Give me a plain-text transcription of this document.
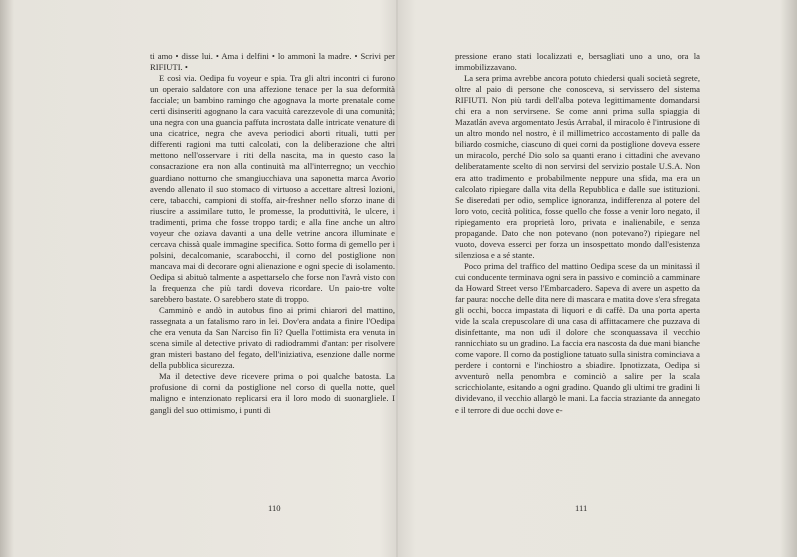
ti amo • disse lui. • Ama i delfini • lo ammonì la madre. • Scrivi per RIFIUTI. •

E così via. Oedipa fu voyeur e spia. Tra gli altri incontri ci furono un operaio saldatore con una affezione tenace per la sua deformità facciale; un bambino ramingo che agognava la morte prenatale come certi disinseriti agognano la cara vacuità carezzevole di una comunità; una negra con una guancia paffuta incrostata dalle intricate venature di una cicatrice, negra che aveva periodici aborti rituali, tutti per differenti ragioni ma tutti calcolati, con la deliberazione che altri mettono nell'osservare i riti della nascita, ma in questo caso la consacrazione era non alla continuità ma all'interregno; un vecchio guardiano notturno che smangiucchiava una saponetta marca Avorio avendo allenato il suo stomaco di virtuoso a accettare altresì lozioni, cere, tabacchi, campioni di stoffa, air-freshner nello sforzo inane di riuscire a assimilare tutto, le promesse, la produttività, le ulcere, i tradimenti, prima che fosse troppo tardi; e alla fine anche un altro voyeur che oziava davanti a una delle vetrine ancora illuminate e cercava chissà quale immagine specifica. Sotto forma di gemello per i polsini, decalcomanie, scarabocchi, il corno del postiglione non mancava mai di decorare ogni alienazione e ogni specie di isolamento. Oedipa si abituò talmente a aspettarselo che forse non l'avrà visto con la frequenza che più tardi doveva ricordare. Un paio-tre volte sarebbero bastate. O sarebbero state di troppo.

Camminò e andò in autobus fino ai primi chiarori del mattino, rassegnata a un fatalismo raro in lei. Dov'era andata a finire l'Oedipa che era venuta da San Narciso fin lì? Quella l'ottimista era venuta in scena simile al detective privato di radiodrammi d'antan: per risolvere gran misteri bastano del fegato, dell'iniziativa, esenzione dalle norme della pubblica sicurezza.

Ma il detective deve ricevere prima o poi qualche batosta. La profusione di corni da postiglione nel corso di quella notte, quel maligno e intenzionato replicarsi era il loro modo di suonargliele. I gangli del suo ottimismo, i punti di

110

pressione erano stati localizzati e, bersagliati uno a uno, ora la immobilizzavano.

La sera prima avrebbe ancora potuto chiedersi quali società segrete, oltre al paio di persone che conosceva, si servissero del sistema RIFIUTI. Non più tardi dell'alba poteva legittimamente domandarsi chi era a non servirsene. Se come anni prima sulla spiaggia di Mazatlán aveva argomentato Jesús Arrabal, il miracolo è l'intrusione di un altro mondo nel nostro, è il millimetrico accostamento di palle da biliardo cosmiche, ciascuno di quei corni da postiglione doveva essere un miracolo, perché Dio solo sa quanti erano i cittadini che avevano deliberatamente scelto di non servirsi del servizio postale U.S.A. Non era atto tradimento e probabilmente neppure una sfida, ma era un calcolato ripiegare dalla vita della Repubblica e dalle sue istituzioni. Se diseredati per odio, semplice ignoranza, indifferenza al potere del loro voto, cecità politica, fosse quello che fosse a venir loro negato, il ripiegamento era proprietà loro, privata e inalienabile, e senza propagande. Dato che non potevano (non potevano?) ripiegare nel vuoto, doveva esserci per forza un insospettato mondo dall'esistenza silenziosa e a sé stante.

Poco prima del traffico del mattino Oedipa scese da un minitassì il cui conducente terminava ogni sera in passivo e cominciò a camminare da Howard Street verso l'Embarcadero. Sapeva di avere un aspetto da far paura: nocche delle dita nere di mascara e matita dove s'era sfregata gli occhi, bocca impastata di liquori e di caffè. Da una porta aperta vide la scala crepuscolare di una casa di affittacamere che puzzava di disinfettante, ma non udì il dolore che sconquassava il vecchio rannicchiato su un gradino. La faccia era nascosta da due mani bianche come vapore. Il corno da postiglione tatuato sulla sinistra cominciava a perdere i contorni e l'inchiostro a sbiadire. Ipnotizzata, Oedipa si avventurò nella penombra e cominciò a salire per la scala scricchiolante, esitando a ogni gradino. Quando gli ultimi tre gradini li dividevano, il vecchio allargò le mani. La faccia straziante da annegato e il terrore di due occhi dove e-

111
